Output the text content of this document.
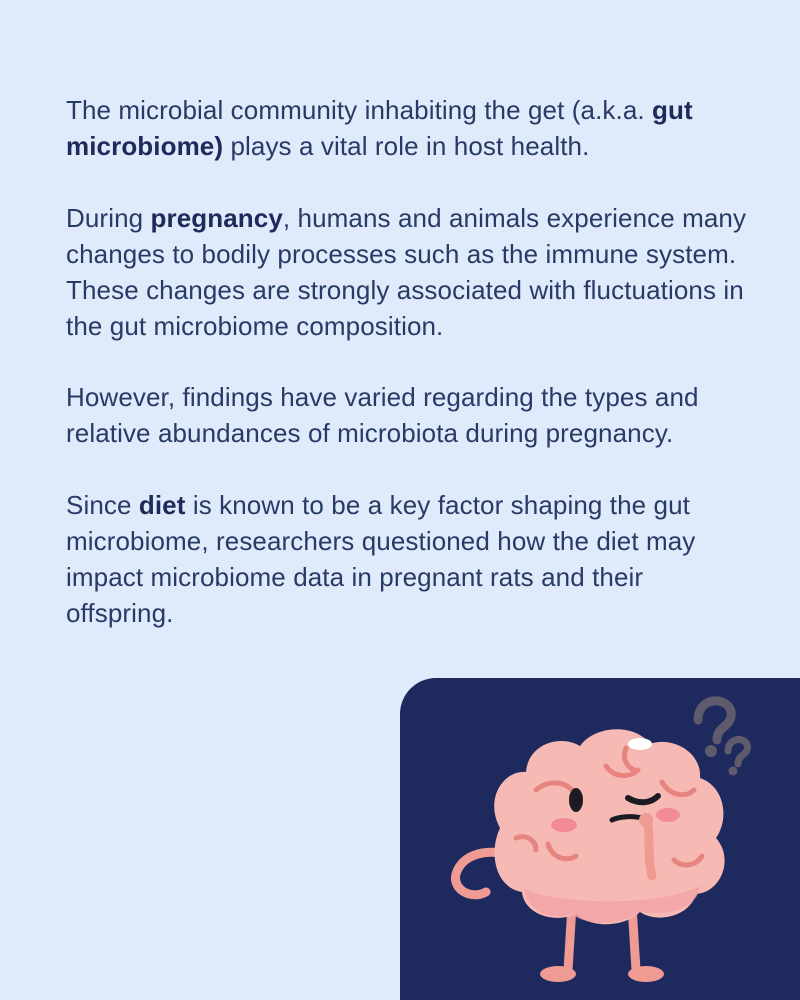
The microbial community inhabiting the get (a.k.a. gut microbiome) plays a vital role in host health.

During pregnancy, humans and animals experience many changes to bodily processes such as the immune system. These changes are strongly associated with fluctuations in the gut microbiome composition.

However, findings have varied regarding the types and relative abundances of microbiota during pregnancy.

Since diet is known to be a key factor shaping the gut microbiome, researchers questioned how the diet may impact microbiome data in pregnant rats and their offspring.
